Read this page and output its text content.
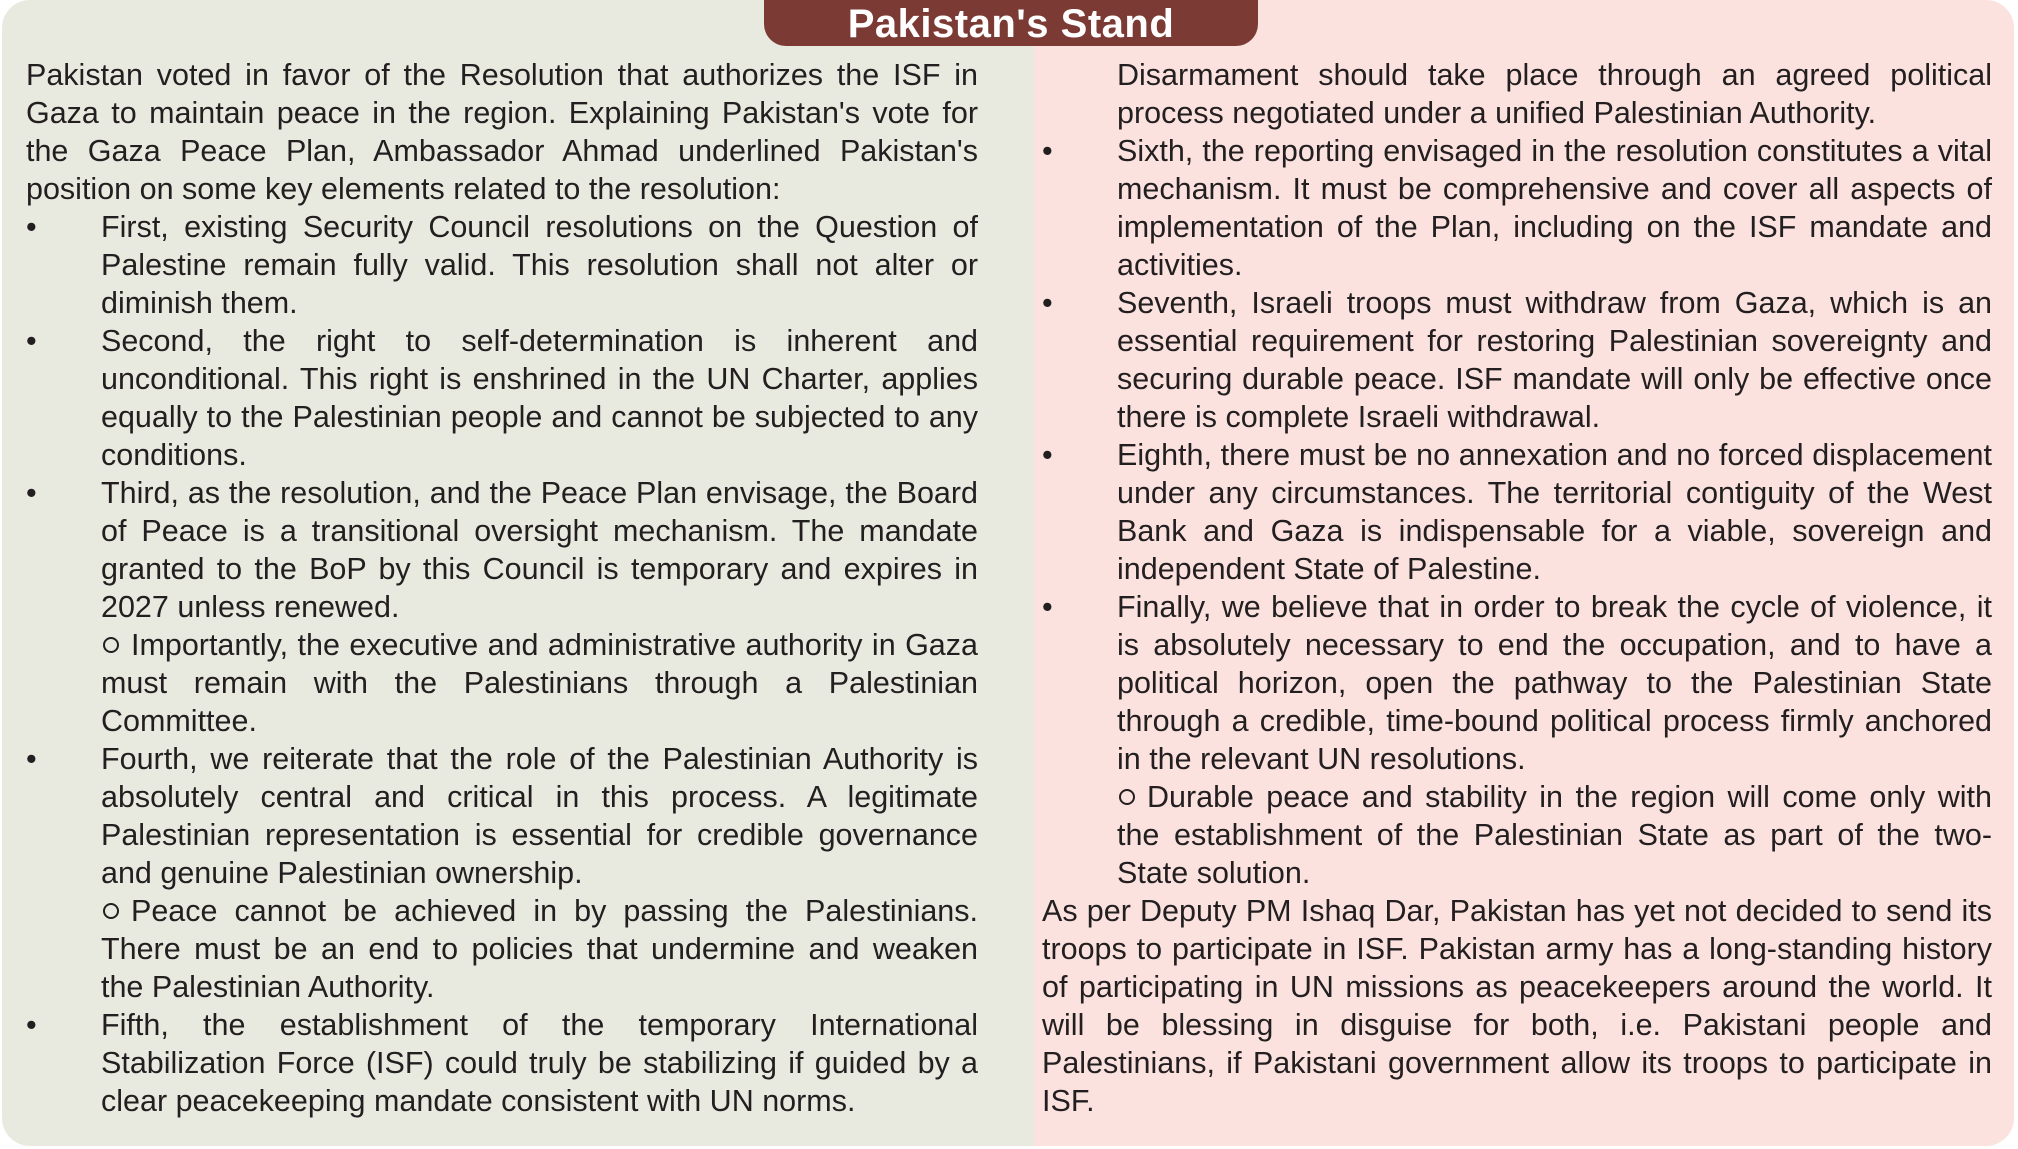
Pakistan's Stand

Pakistan voted in favor of the Resolution that authorizes the ISF in Gaza to maintain peace in the region. Explaining Pakistan's vote for the Gaza Peace Plan, Ambassador Ahmad underlined Pakistan's position on some key elements related to the resolution:

•	First, existing Security Council resolutions on the Question of Palestine remain fully valid. This resolution shall not alter or diminish them.
•	Second, the right to self-determination is inherent and unconditional. This right is enshrined in the UN Charter, applies equally to the Palestinian people and cannot be subjected to any conditions.
•	Third, as the resolution, and the Peace Plan envisage, the Board of Peace is a transitional oversight mechanism. The mandate granted to the BoP by this Council is temporary and expires in 2027 unless renewed.
Importantly, the executive and administrative authority in Gaza must remain with the Palestinians through a Palestinian Committee.
•	Fourth, we reiterate that the role of the Palestinian Authority is absolutely central and critical in this process. A legitimate Palestinian representation is essential for credible governance and genuine Palestinian ownership.
Peace cannot be achieved in by passing the Palestinians. There must be an end to policies that undermine and weaken the Palestinian Authority.
•	Fifth, the establishment of the temporary International Stabilization Force (ISF) could truly be stabilizing if guided by a clear peacekeeping mandate consistent with UN norms.
Disarmament should take place through an agreed political process negotiated under a unified Palestinian Authority.
•	Sixth, the reporting envisaged in the resolution constitutes a vital mechanism. It must be comprehensive and cover all aspects of implementation of the Plan, including on the ISF mandate and activities.
•	Seventh, Israeli troops must withdraw from Gaza, which is an essential requirement for restoring Palestinian sovereignty and securing durable peace. ISF mandate will only be effective once there is complete Israeli withdrawal.
•	Eighth, there must be no annexation and no forced displacement under any circumstances. The territorial contiguity of the West Bank and Gaza is indispensable for a viable, sovereign and independent State of Palestine.
•	Finally, we believe that in order to break the cycle of violence, it is absolutely necessary to end the occupation, and to have a political horizon, open the pathway to the Palestinian State through a credible, time-bound political process firmly anchored in the relevant UN resolutions.
Durable peace and stability in the region will come only with the establishment of the Palestinian State as part of the two-State solution.

As per Deputy PM Ishaq Dar, Pakistan has yet not decided to send its troops to participate in ISF. Pakistan army has a long-standing history of participating in UN missions as peacekeepers around the world. It will be blessing in disguise for both, i.e. Pakistani people and Palestinians, if Pakistani government allow its troops to participate in ISF.
